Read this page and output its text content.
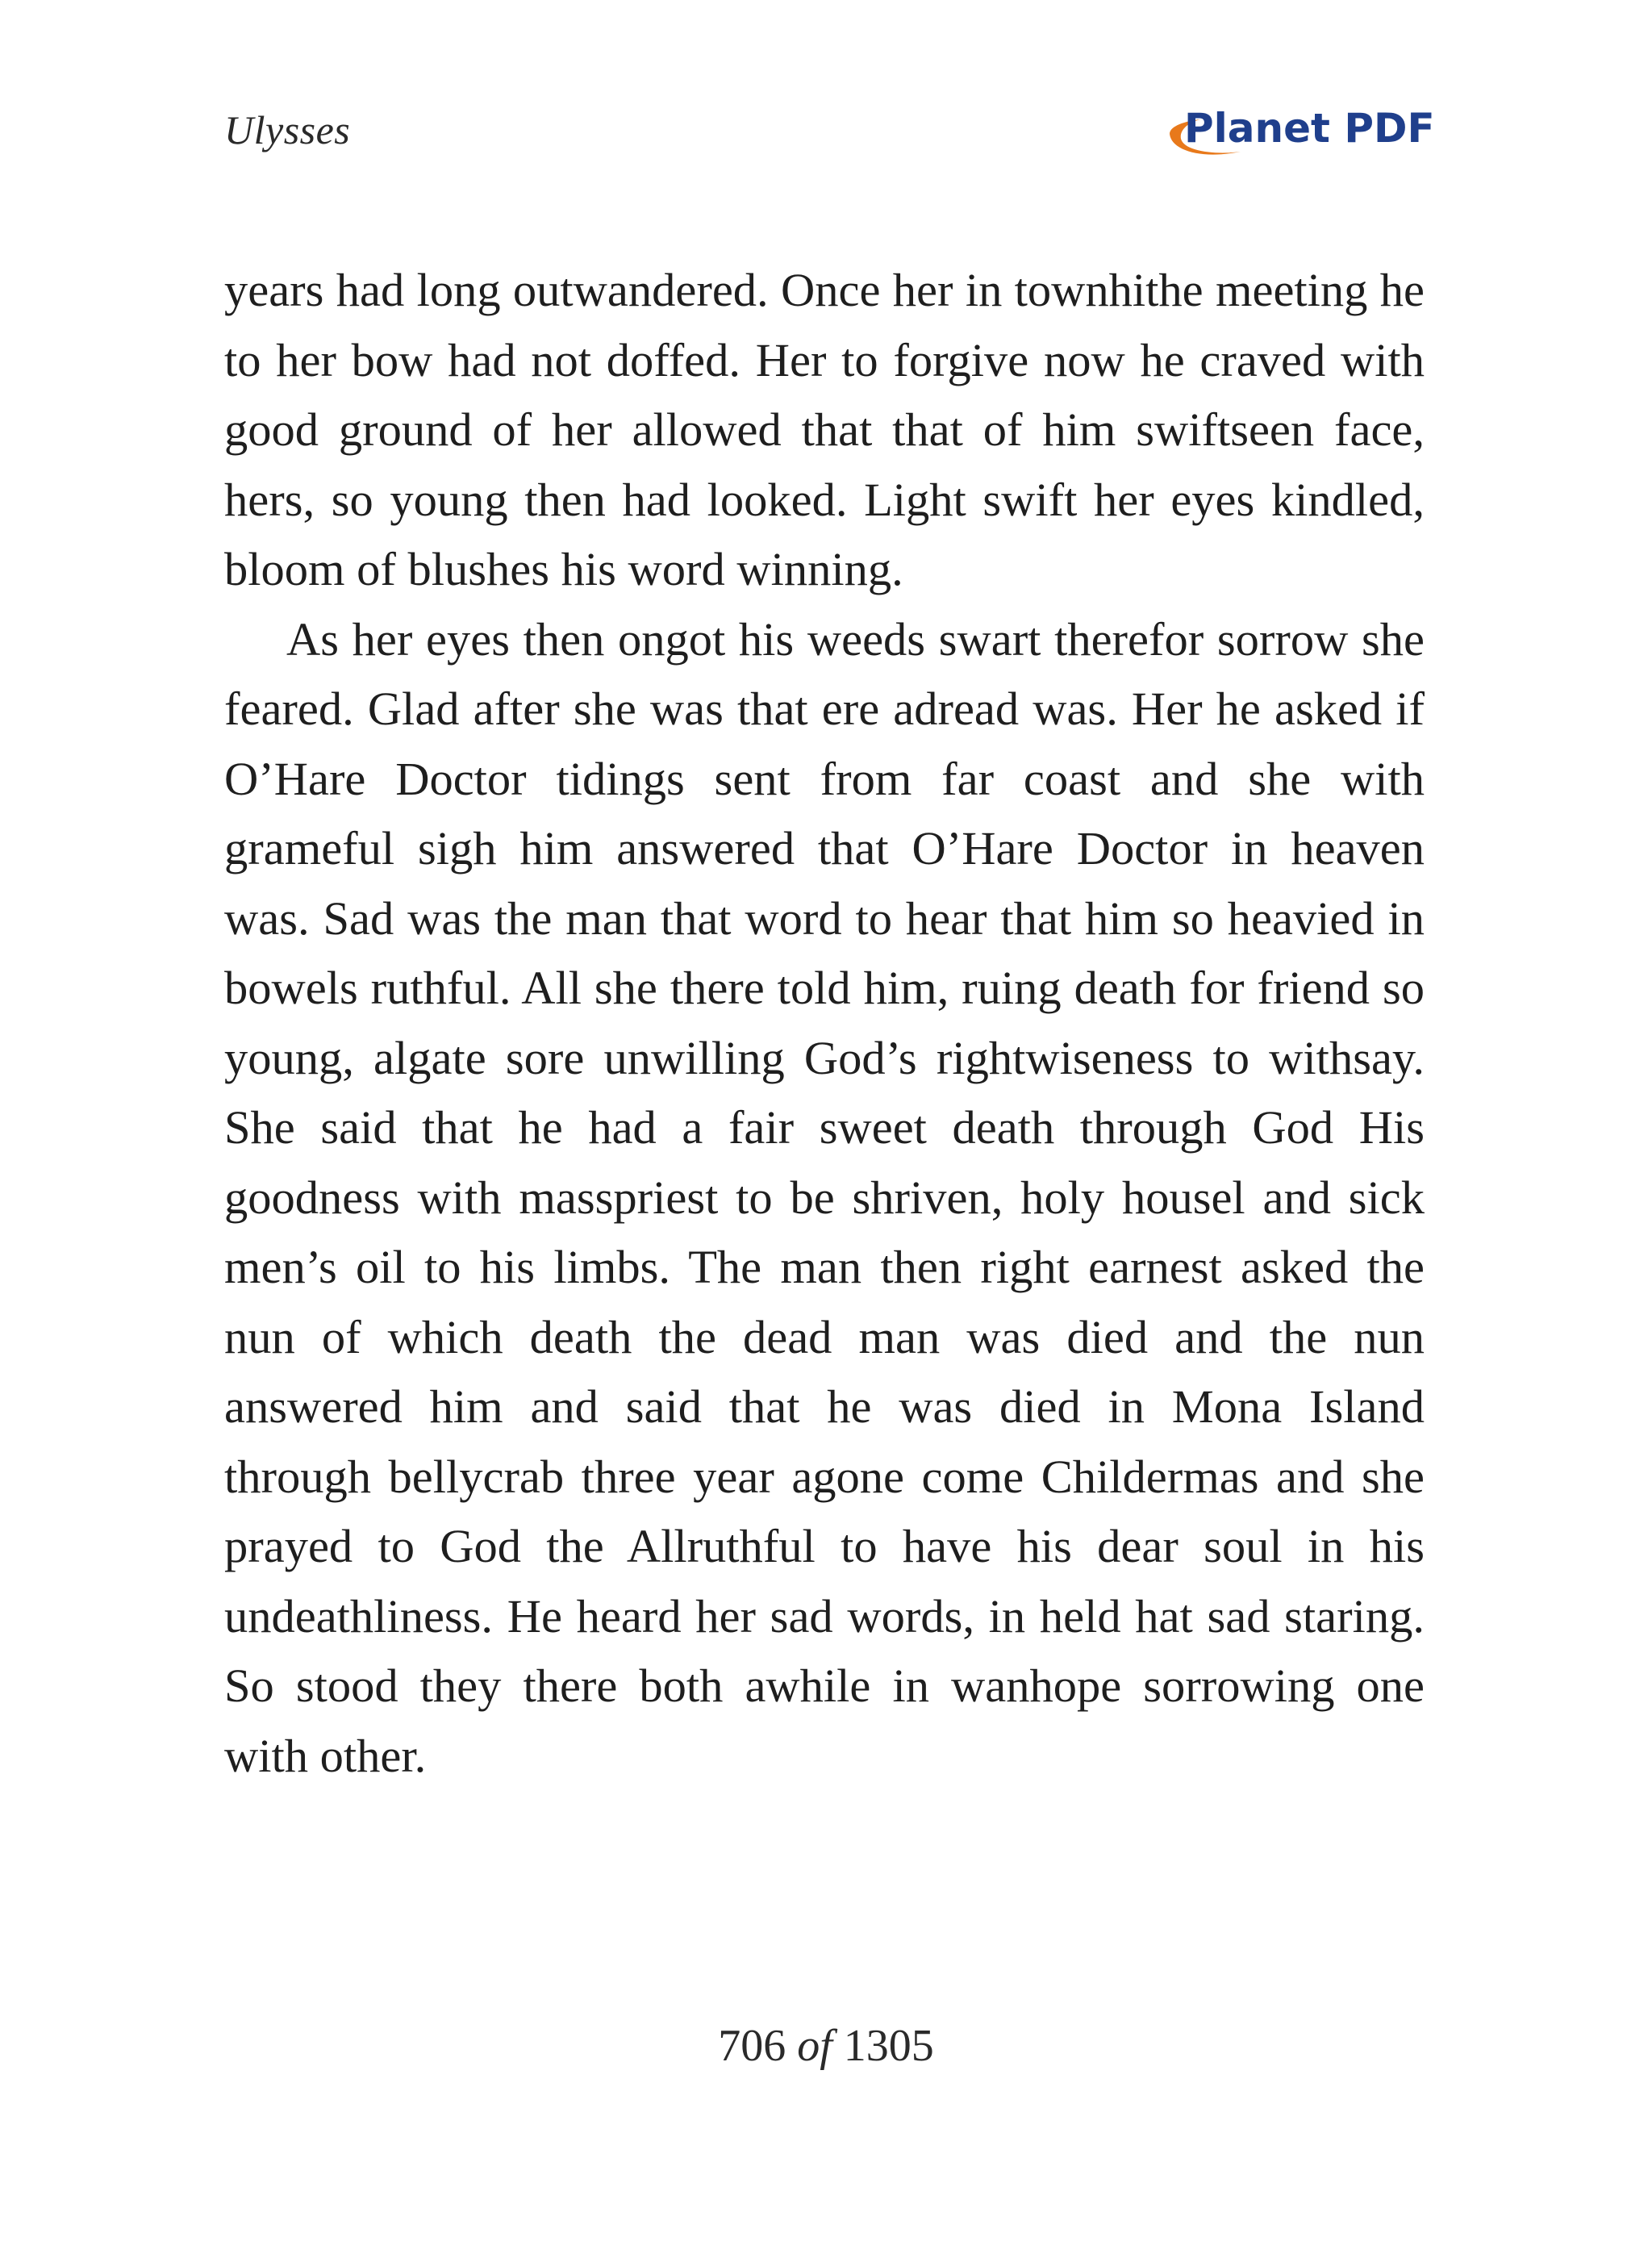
Ulysses	Planet PDF

years had long outwandered. Once her in townhithe meeting he to her bow had not doffed. Her to forgive now he craved with good ground of her allowed that that of him swiftseen face, hers, so young then had looked. Light swift her eyes kindled, bloom of blushes his word winning.

As her eyes then ongot his weeds swart therefor sorrow she feared. Glad after she was that ere adread was. Her he asked if O’Hare Doctor tidings sent from far coast and she with grameful sigh him answered that O’Hare Doctor in heaven was. Sad was the man that word to hear that him so heavied in bowels ruthful. All she there told him, ruing death for friend so young, algate sore unwilling God’s rightwiseness to withsay. She said that he had a fair sweet death through God His goodness with masspriest to be shriven, holy housel and sick men’s oil to his limbs. The man then right earnest asked the nun of which death the dead man was died and the nun answered him and said that he was died in Mona Island through bellycrab three year agone come Childermas and she prayed to God the Allruthful to have his dear soul in his undeathliness. He heard her sad words, in held hat sad staring. So stood they there both awhile in wanhope sorrowing one with other.

706 of 1305
